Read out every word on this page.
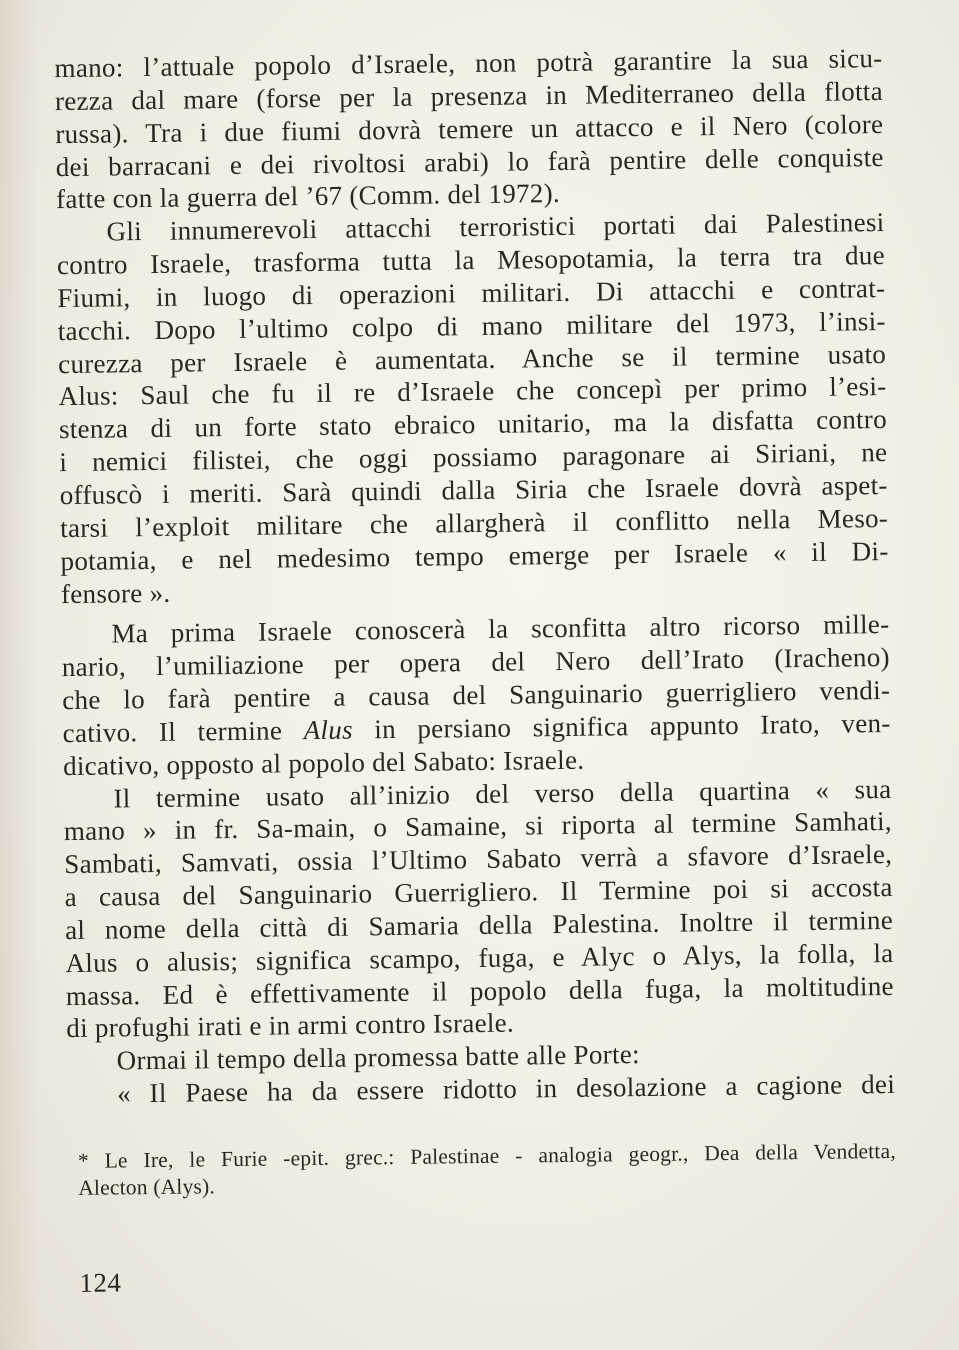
mano: l’attuale popolo d’Israele, non potrà garantire la sua sicu-
rezza dal mare (forse per la presenza in Mediterraneo della flotta
russa). Tra i due fiumi dovrà temere un attacco e il Nero (colore
dei barracani e dei rivoltosi arabi) lo farà pentire delle conquiste
fatte con la guerra del ’67 (Comm. del 1972).
Gli innumerevoli attacchi terroristici portati dai Palestinesi
contro Israele, trasforma tutta la Mesopotamia, la terra tra due
Fiumi, in luogo di operazioni militari. Di attacchi e contrat-
tacchi. Dopo l’ultimo colpo di mano militare del 1973, l’insi-
curezza per Israele è aumentata. Anche se il termine usato
Alus: Saul che fu il re d’Israele che concepì per primo l’esi-
stenza di un forte stato ebraico unitario, ma la disfatta contro
i nemici filistei, che oggi possiamo paragonare ai Siriani, ne
offuscò i meriti. Sarà quindi dalla Siria che Israele dovrà aspet-
tarsi l’exploit militare che allargherà il conflitto nella Meso-
potamia, e nel medesimo tempo emerge per Israele « il Di-
fensore ».
Ma prima Israele conoscerà la sconfitta altro ricorso mille-
nario, l’umiliazione per opera del Nero dell’Irato (Iracheno)
che lo farà pentire a causa del Sanguinario guerrigliero vendi-
cativo. Il termine Alus in persiano significa appunto Irato, ven-
dicativo, opposto al popolo del Sabato: Israele.
Il termine usato all’inizio del verso della quartina « sua
mano » in fr. Sa-main, o Samaine, si riporta al termine Samhati,
Sambati, Samvati, ossia l’Ultimo Sabato verrà a sfavore d’Israele,
a causa del Sanguinario Guerrigliero. Il Termine poi si accosta
al nome della città di Samaria della Palestina. Inoltre il termine
Alus o alusis; significa scampo, fuga, e Alyc o Alys, la folla, la
massa. Ed è effettivamente il popolo della fuga, la moltitudine
di profughi irati e in armi contro Israele.
Ormai il tempo della promessa batte alle Porte:
« Il Paese ha da essere ridotto in desolazione a cagione dei
* Le Ire, le Furie -epit. grec.: Palestinae - analogia geogr., Dea della Vendetta,
Alecton (Alys).
124
